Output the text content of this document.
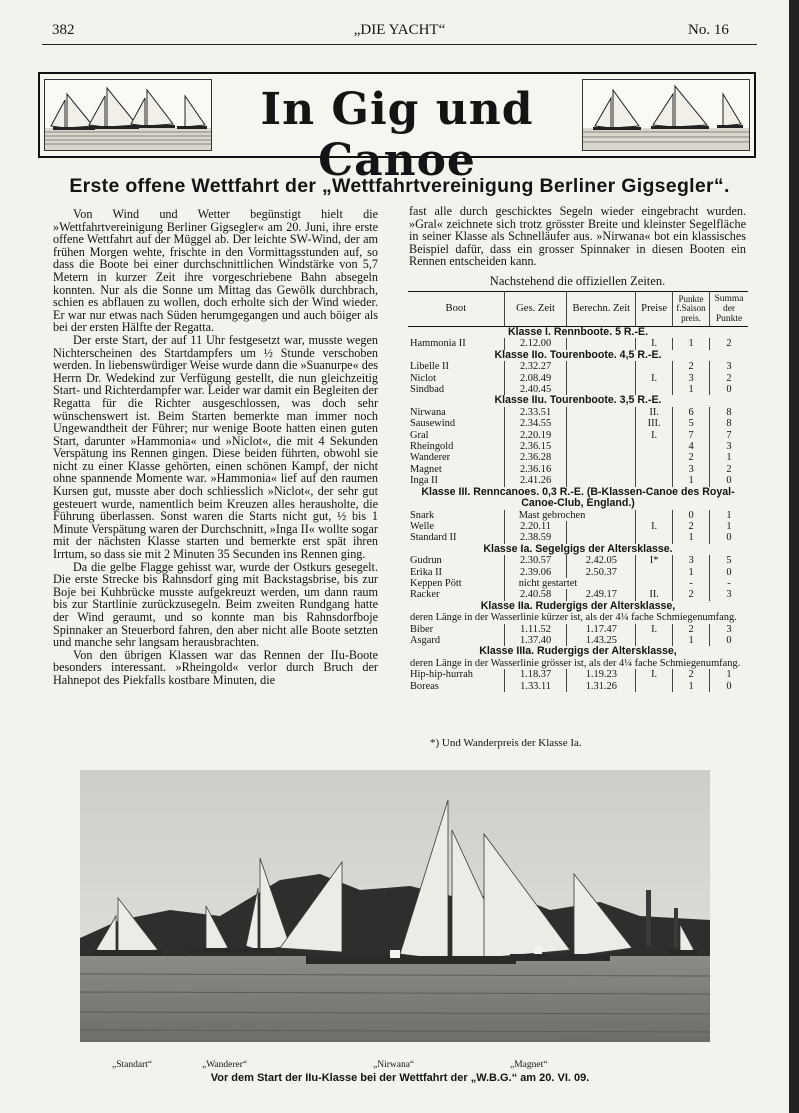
382	„DIE YACHT“	No. 16
In Gig und Canoe
Erste offene Wettfahrt der „Wettfahrtvereinigung Berliner Gigsegler“.

Von Wind und Wetter begünstigt hielt die »Wettfahrtvereinigung Berliner Gigsegler« am 20. Juni, ihre erste offene Wettfahrt auf der Müggel ab. Der leichte SW-Wind, der am frühen Morgen wehte, frischte in den Vormittagsstunden auf, so dass die Boote bei einer durchschnittlichen Windstärke von 5,7 Metern in kurzer Zeit ihre vorgeschriebene Bahn absegeln konnten. Nur als die Sonne um Mittag das Gewölk durchbrach, schien es abflauen zu wollen, doch erholte sich der Wind wieder. Er war nur etwas nach Süden herumgegangen und auch böiger als bei der ersten Hälfte der Regatta.

Der erste Start, der auf 11 Uhr festgesetzt war, musste wegen Nichterscheinen des Startdampfers um ½ Stunde verschoben werden. In liebenswürdiger Weise wurde dann die »Suanurpe« des Herrn Dr. Wedekind zur Verfügung gestellt, die nun gleichzeitig Start- und Richterdampfer war. Leider war damit ein Begleiten der Regatta für die Richter ausgeschlossen, was doch sehr wünschenswert ist. Beim Starten bemerkte man immer noch Ungewandtheit der Führer; nur wenige Boote hatten einen guten Start, darunter »Hammonia« und »Niclot«, die mit 4 Sekunden Verspätung ins Rennen gingen. Diese beiden führten, obwohl sie nicht zu einer Klasse gehörten, einen schönen Kampf, der nicht ohne spannende Momente war. »Hammonia« lief auf den raumen Kursen gut, musste aber doch schliesslich »Niclot«, der sehr gut gesteuert wurde, namentlich beim Kreuzen alles herausholte, die Führung überlassen. Sonst waren die Starts nicht gut, ½ bis 1 Minute Verspätung waren der Durchschnitt, »Inga II« wollte sogar mit der nächsten Klasse starten und bemerkte erst spät ihren Irrtum, so dass sie mit 2 Minuten 35 Secunden ins Rennen ging.

Da die gelbe Flagge gehisst war, wurde der Ostkurs gesegelt. Die erste Strecke bis Rahnsdorf ging mit Backstagsbrise, bis zur Boje bei Kuhbrücke musste aufgekreuzt werden, um dann raum bis zur Startlinie zurückzusegeln. Beim zweiten Rundgang hatte der Wind geraumt, und so konnte man bis Rahnsdorfboje Spinnaker an Steuerbord fahren, den aber nicht alle Boote setzten und manche sehr langsam herausbrachten.

Von den übrigen Klassen war das Rennen der IIu-Boote besonders interessant. »Rheingold« verlor durch Bruch der Hahnepot des Piekfalls kostbare Minuten, die

fast alle durch geschicktes Segeln wieder eingebracht wurden. »Gral« zeichnete sich trotz grösster Breite und kleinster Segelfläche in seiner Klasse als Schnelläufer aus. »Nirwana« bot ein klassisches Beispiel dafür, dass ein grosser Spinnaker in diesen Booten ein Rennen entscheiden kann.

Nachstehend die offiziellen Zeiten.
Boot	Ges. Zeit	Berechn. Zeit	Preise	Punkte f.Saison preis.	Summa der Punkte
Klasse I. Rennboote. 5 R.-E.					
Hammonia II	2.12.00		I.	1	2
Klasse IIo. Tourenboote. 4,5 R.-E.					
Libelle II	2.32.27			2	3
Niclot	2.08.49		I.	3	2
Sindbad	2.40.45			1	0
Klasse IIu. Tourenboote. 3,5 R.-E.					
Nirwana	2.33.51		II.	6	8
Sausewind	2.34.55		III.	5	8
Gral	2.20.19		I.	7	7
Rheingold	2.36.15			4	3
Wanderer	2.36.28			2	1
Magnet	2.36.16			3	2
Inga II	2.41.26			1	0
Klasse III. Renncanoes. 0,3 R.-E. (B-Klassen-Canoe des Royal-Canoe-Club, England.)					
Snark	Mast gebrochen			0	1
Welle	2.20.11		I.	2	1
Standard II	2.38.59			1	0
Klasse Ia. Segelgigs der Altersklasse.					
Gudrun	2.30.57	2.42.05	I*	3	5
Erika II	2.39.06	2.50.37		1	0
Keppen Pött	nicht gestartet			-	-
Racker	2.40.58	2.49.17	II.	2	3
Klasse IIa. Rudergigs der Altersklasse,					
deren Länge in der Wasserlinie kürzer ist, als der 4¼ fache Schmiegenumfang.					
Biber	1.11.52	1.17.47	I.	2	3
Asgard	1.37.40	1.43.25		1	0
Klasse IIIa. Rudergigs der Altersklasse,					
deren Länge in der Wasserlinie grösser ist, als der 4¼ fache Schmiegenumfang.					
Hip-hip-hurrah	1.18.37	1.19.23	I.	2	1
Boreas	1.33.11	1.31.26		1	0
*) Und Wanderpreis der Klasse Ia.
„Standart“	„Wanderer“	„Nirwana“	„Magnet“
Vor dem Start der IIu-Klasse bei der Wettfahrt der „W.B.G.“ am 20. VI. 09.
